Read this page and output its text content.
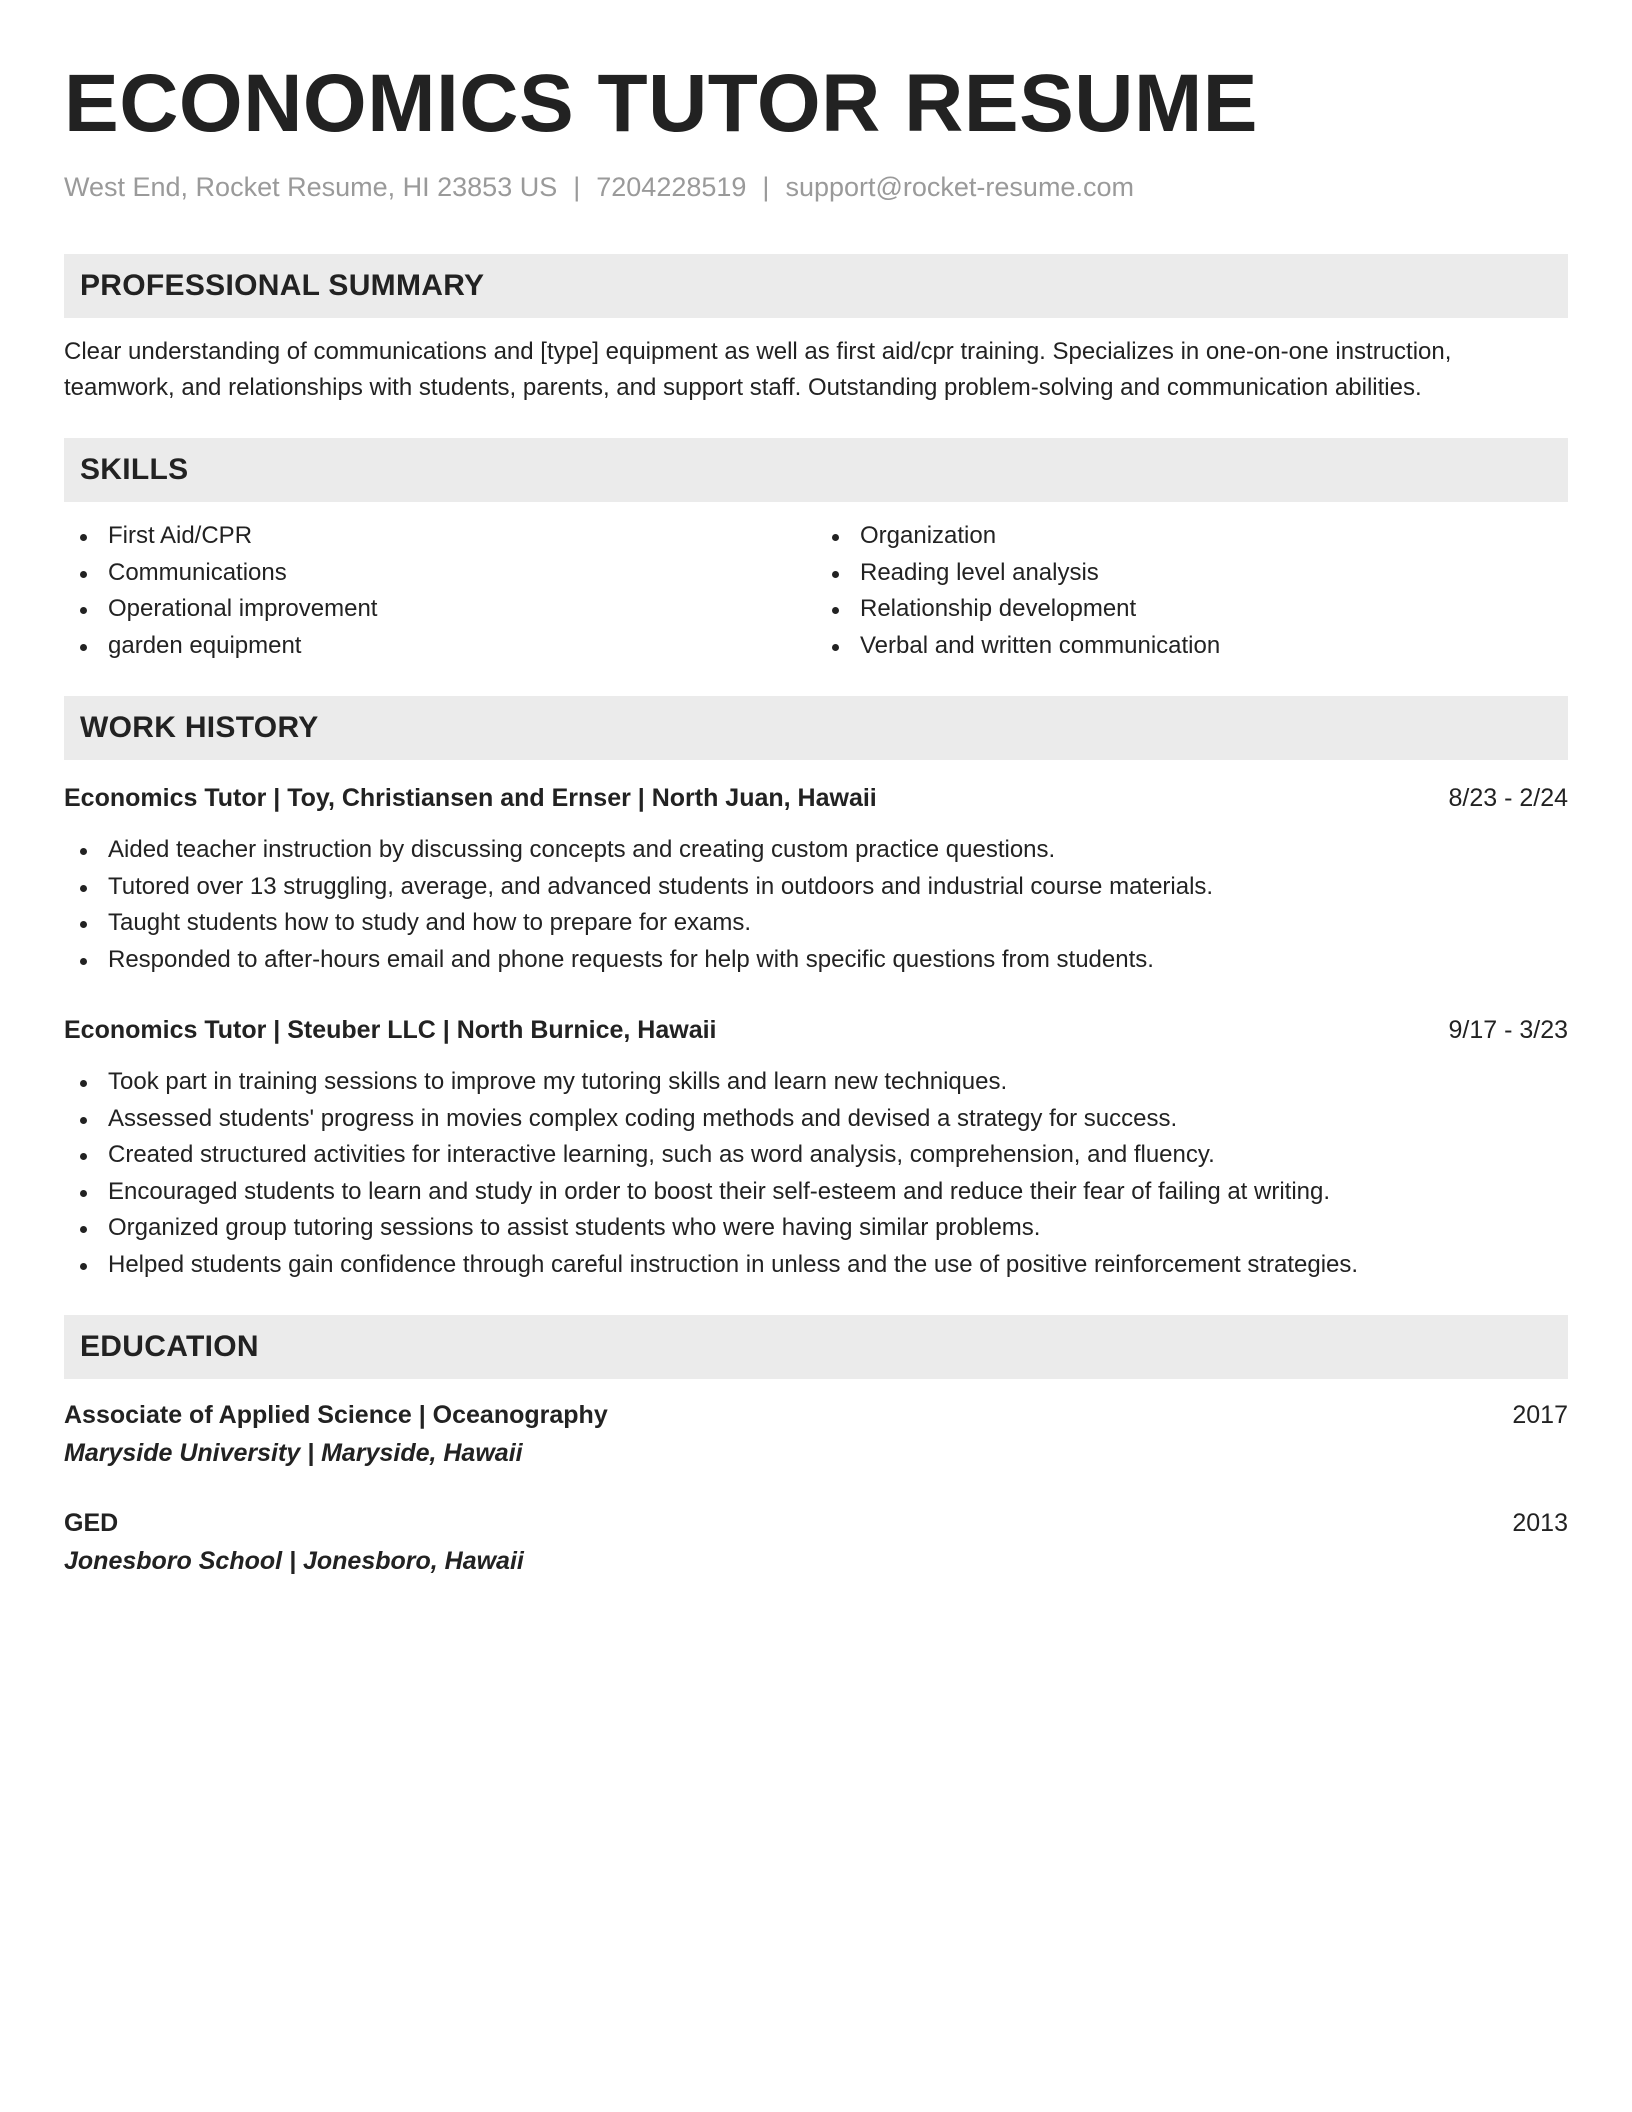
ECONOMICS TUTOR RESUME
West End, Rocket Resume, HI 23853 US | 7204228519 | support@rocket-resume.com
PROFESSIONAL SUMMARY

Clear understanding of communications and [type] equipment as well as first aid/cpr training. Specializes in one-on-one instruction, teamwork, and relationships with students, parents, and support staff. Outstanding problem-solving and communication abilities.

SKILLS
First Aid/CPR
Communications
Operational improvement
garden equipment
Organization
Reading level analysis
Relationship development
Verbal and written communication
WORK HISTORY
Economics Tutor | Toy, Christiansen and Ernser | North Juan, Hawaii	8/23 - 2/24
Aided teacher instruction by discussing concepts and creating custom practice questions.
Tutored over 13 struggling, average, and advanced students in outdoors and industrial course materials.
Taught students how to study and how to prepare for exams.
Responded to after-hours email and phone requests for help with specific questions from students.
Economics Tutor | Steuber LLC | North Burnice, Hawaii	9/17 - 3/23
Took part in training sessions to improve my tutoring skills and learn new techniques.
Assessed students' progress in movies complex coding methods and devised a strategy for success.
Created structured activities for interactive learning, such as word analysis, comprehension, and fluency.
Encouraged students to learn and study in order to boost their self-esteem and reduce their fear of failing at writing.
Organized group tutoring sessions to assist students who were having similar problems.
Helped students gain confidence through careful instruction in unless and the use of positive reinforcement strategies.
EDUCATION
Associate of Applied Science | Oceanography	2017
Maryside University | Maryside, Hawaii
GED	2013
Jonesboro School | Jonesboro, Hawaii
